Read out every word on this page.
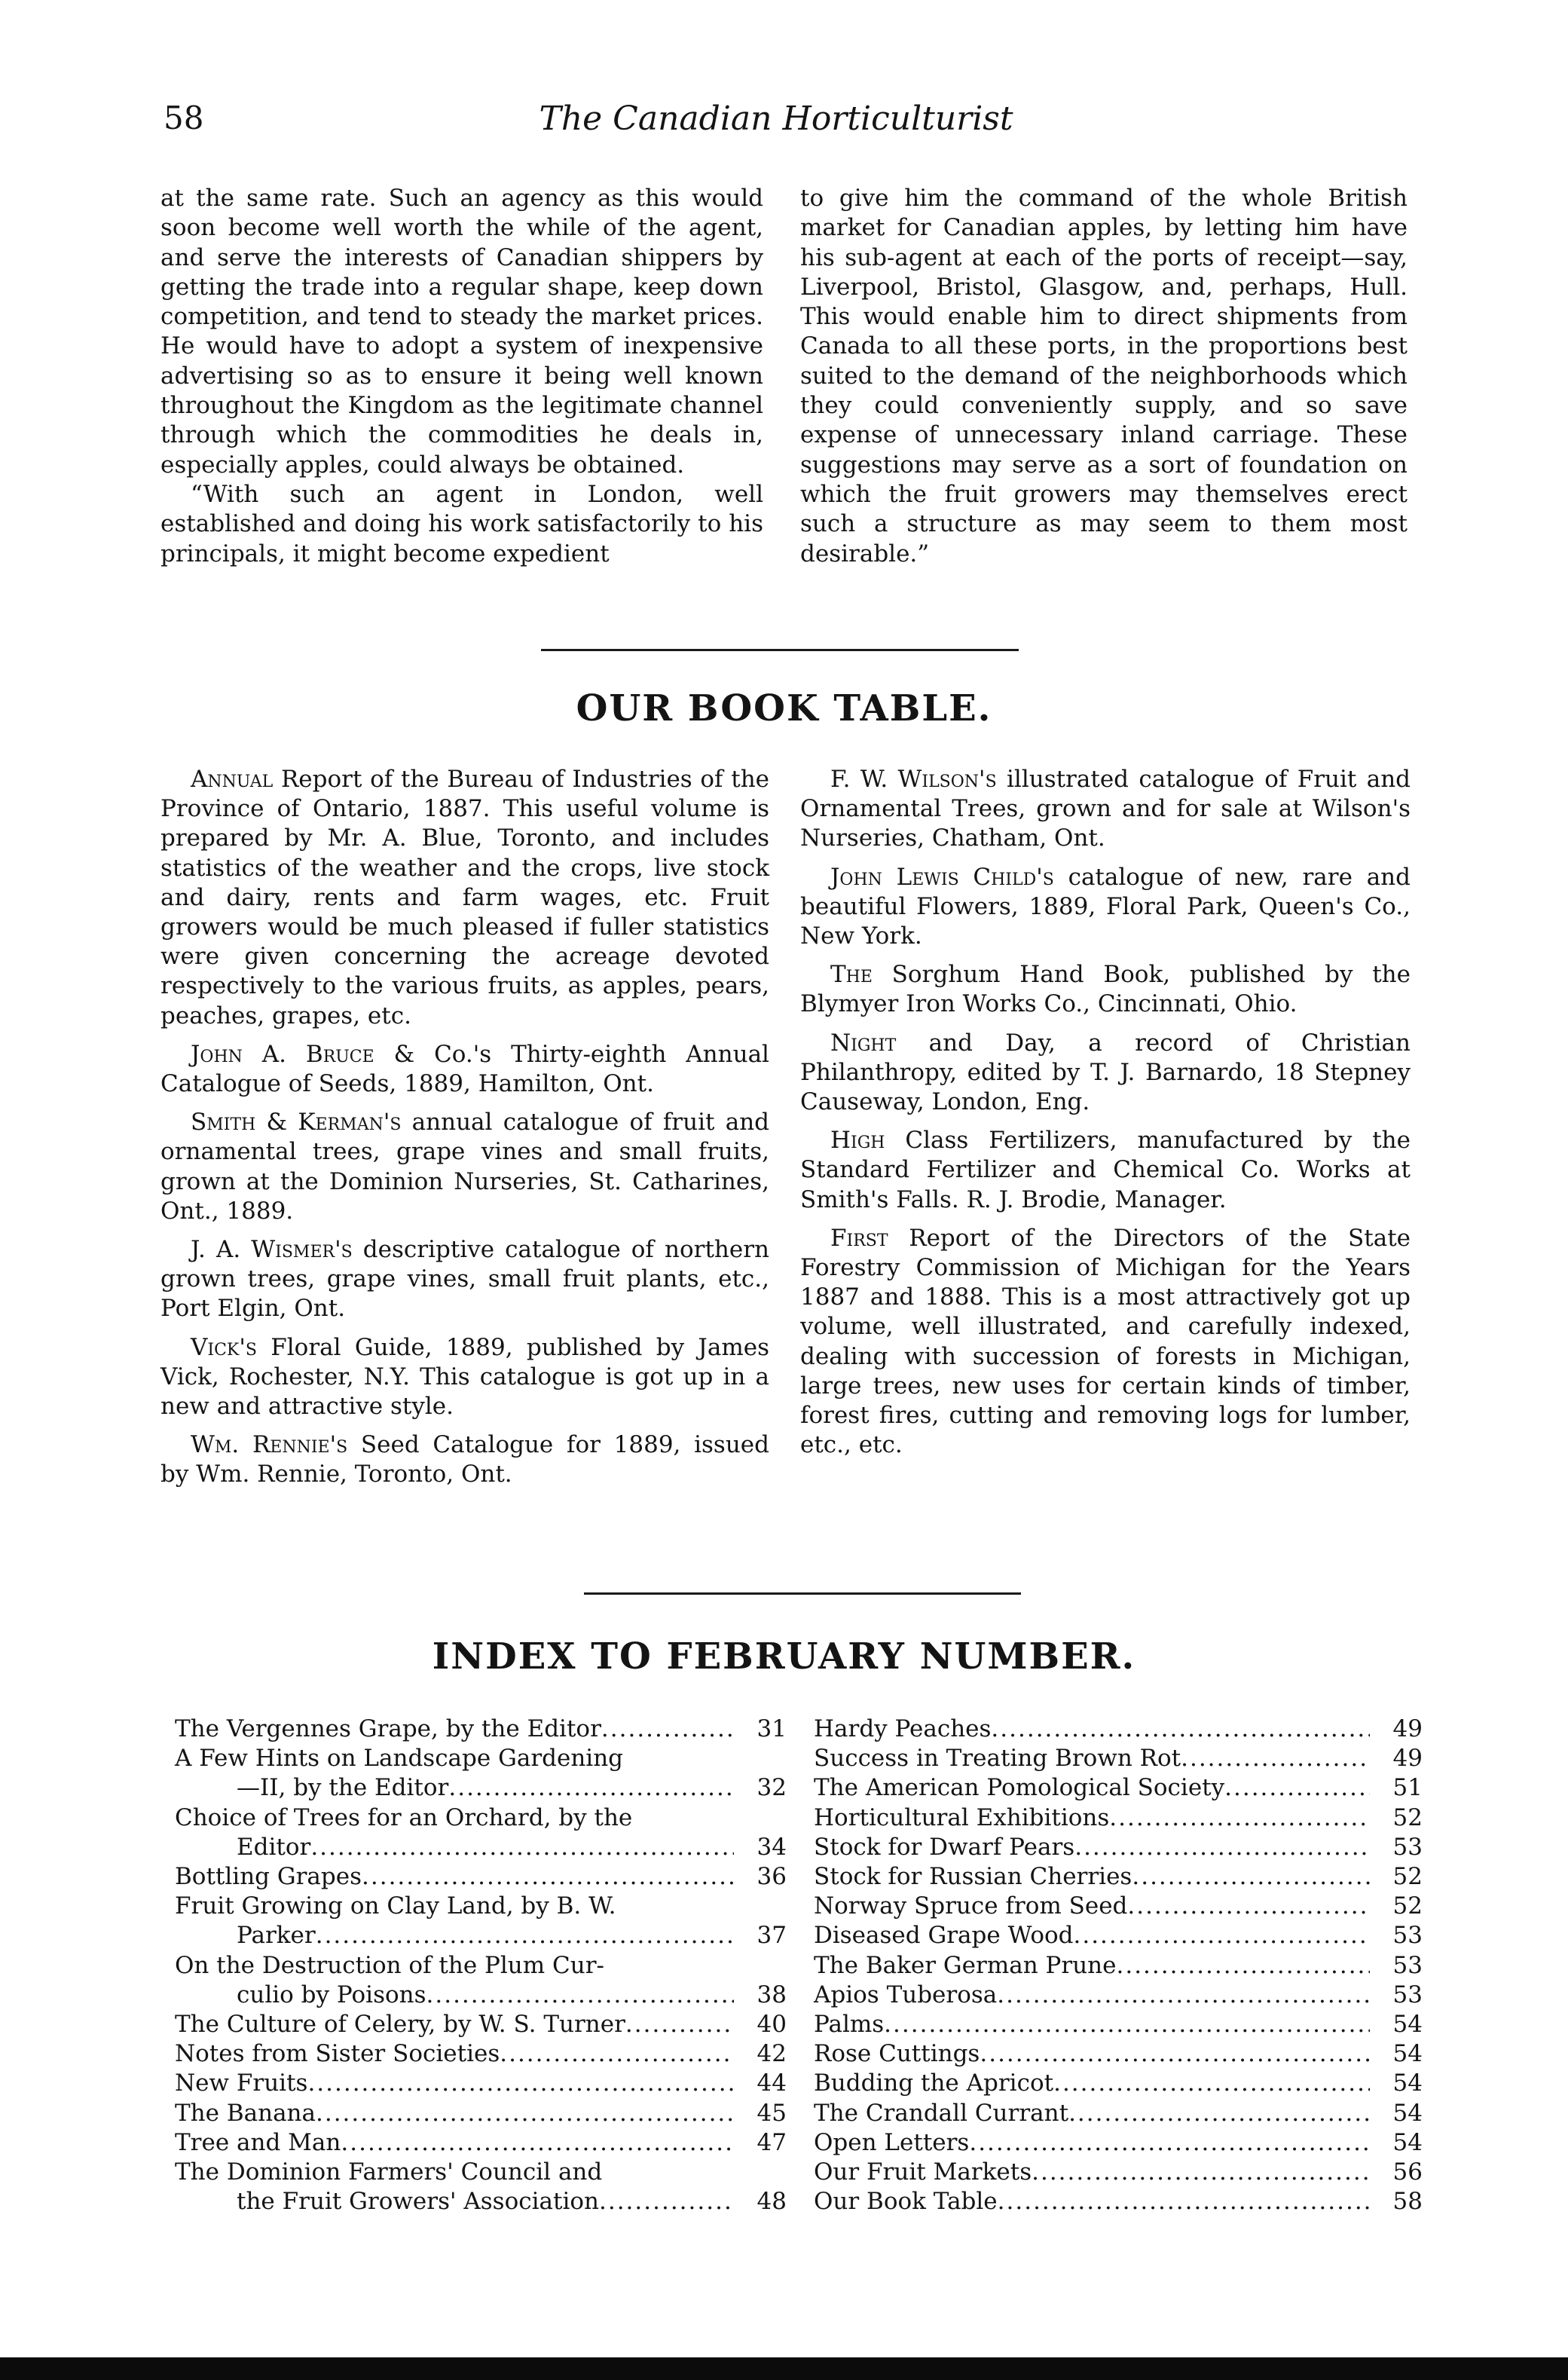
58	The Canadian Horticulturist

at the same rate. Such an agency as this would soon become well worth the while of the agent, and serve the interests of Canadian shippers by getting the trade into a regular shape, keep down competition, and tend to steady the market prices. He would have to adopt a system of inexpensive advertising so as to ensure it being well known throughout the Kingdom as the legitimate channel through which the commodities he deals in, especially apples, could always be obtained.

“With such an agent in London, well established and doing his work satisfactorily to his principals, it might become expedient

to give him the command of the whole British market for Canadian apples, by letting him have his sub-agent at each of the ports of receipt—say, Liverpool, Bristol, Glasgow, and, perhaps, Hull. This would enable him to direct shipments from Canada to all these ports, in the proportions best suited to the demand of the neighborhoods which they could conveniently supply, and so save expense of unnecessary inland carriage. These suggestions may serve as a sort of foundation on which the fruit growers may themselves erect such a structure as may seem to them most desirable.”

OUR BOOK TABLE.

Annual Report of the Bureau of Industries of the Province of Ontario, 1887. This useful volume is prepared by Mr. A. Blue, Toronto, and includes statistics of the weather and the crops, live stock and dairy, rents and farm wages, etc. Fruit growers would be much pleased if fuller statistics were given concerning the acreage devoted respectively to the various fruits, as apples, pears, peaches, grapes, etc.

John A. Bruce & Co.'s Thirty-eighth Annual Catalogue of Seeds, 1889, Hamilton, Ont.

Smith & Kerman's annual catalogue of fruit and ornamental trees, grape vines and small fruits, grown at the Dominion Nurseries, St. Catharines, Ont., 1889.

J. A. Wismer's descriptive catalogue of northern grown trees, grape vines, small fruit plants, etc., Port Elgin, Ont.

Vick's Floral Guide, 1889, published by James Vick, Rochester, N.Y. This catalogue is got up in a new and attractive style.

Wm. Rennie's Seed Catalogue for 1889, issued by Wm. Rennie, Toronto, Ont.

F. W. Wilson's illustrated catalogue of Fruit and Ornamental Trees, grown and for sale at Wilson's Nurseries, Chatham, Ont.

John Lewis Child's catalogue of new, rare and beautiful Flowers, 1889, Floral Park, Queen's Co., New York.

The Sorghum Hand Book, published by the Blymyer Iron Works Co., Cincinnati, Ohio.

Night and Day, a record of Christian Philanthropy, edited by T. J. Barnardo, 18 Stepney Causeway, London, Eng.

High Class Fertilizers, manufactured by the Standard Fertilizer and Chemical Co. Works at Smith's Falls. R. J. Brodie, Manager.

First Report of the Directors of the State Forestry Commission of Michigan for the Years 1887 and 1888. This is a most attractively got up volume, well illustrated, and carefully indexed, dealing with succession of forests in Michigan, large trees, new uses for certain kinds of timber, forest fires, cutting and removing logs for lumber, etc., etc.

INDEX TO FEBRUARY NUMBER.
The Vergennes Grape, by the Editor .....	31
A Few Hints on Landscape Gardening
—II, by the Editor .....	32
Choice of Trees for an Orchard, by the
Editor .....	34
Bottling Grapes .....	36
Fruit Growing on Clay Land, by B. W.
Parker .....	37
On the Destruction of the Plum Cur-
culio by Poisons .....	38
The Culture of Celery, by W. S. Turner .....	40
Notes from Sister Societies .....	42
New Fruits .....	44
The Banana .....	45
Tree and Man .....	47
The Dominion Farmers' Council and
the Fruit Growers' Association .....	48
Hardy Peaches .....	49
Success in Treating Brown Rot .....	49
The American Pomological Society .....	51
Horticultural Exhibitions .....	52
Stock for Dwarf Pears .....	53
Stock for Russian Cherries .....	52
Norway Spruce from Seed .....	52
Diseased Grape Wood .....	53
The Baker German Prune .....	53
Apios Tuberosa .....	53
Palms .....	54
Rose Cuttings .....	54
Budding the Apricot .....	54
The Crandall Currant .....	54
Open Letters .....	54
Our Fruit Markets .....	56
Our Book Table .....	58
